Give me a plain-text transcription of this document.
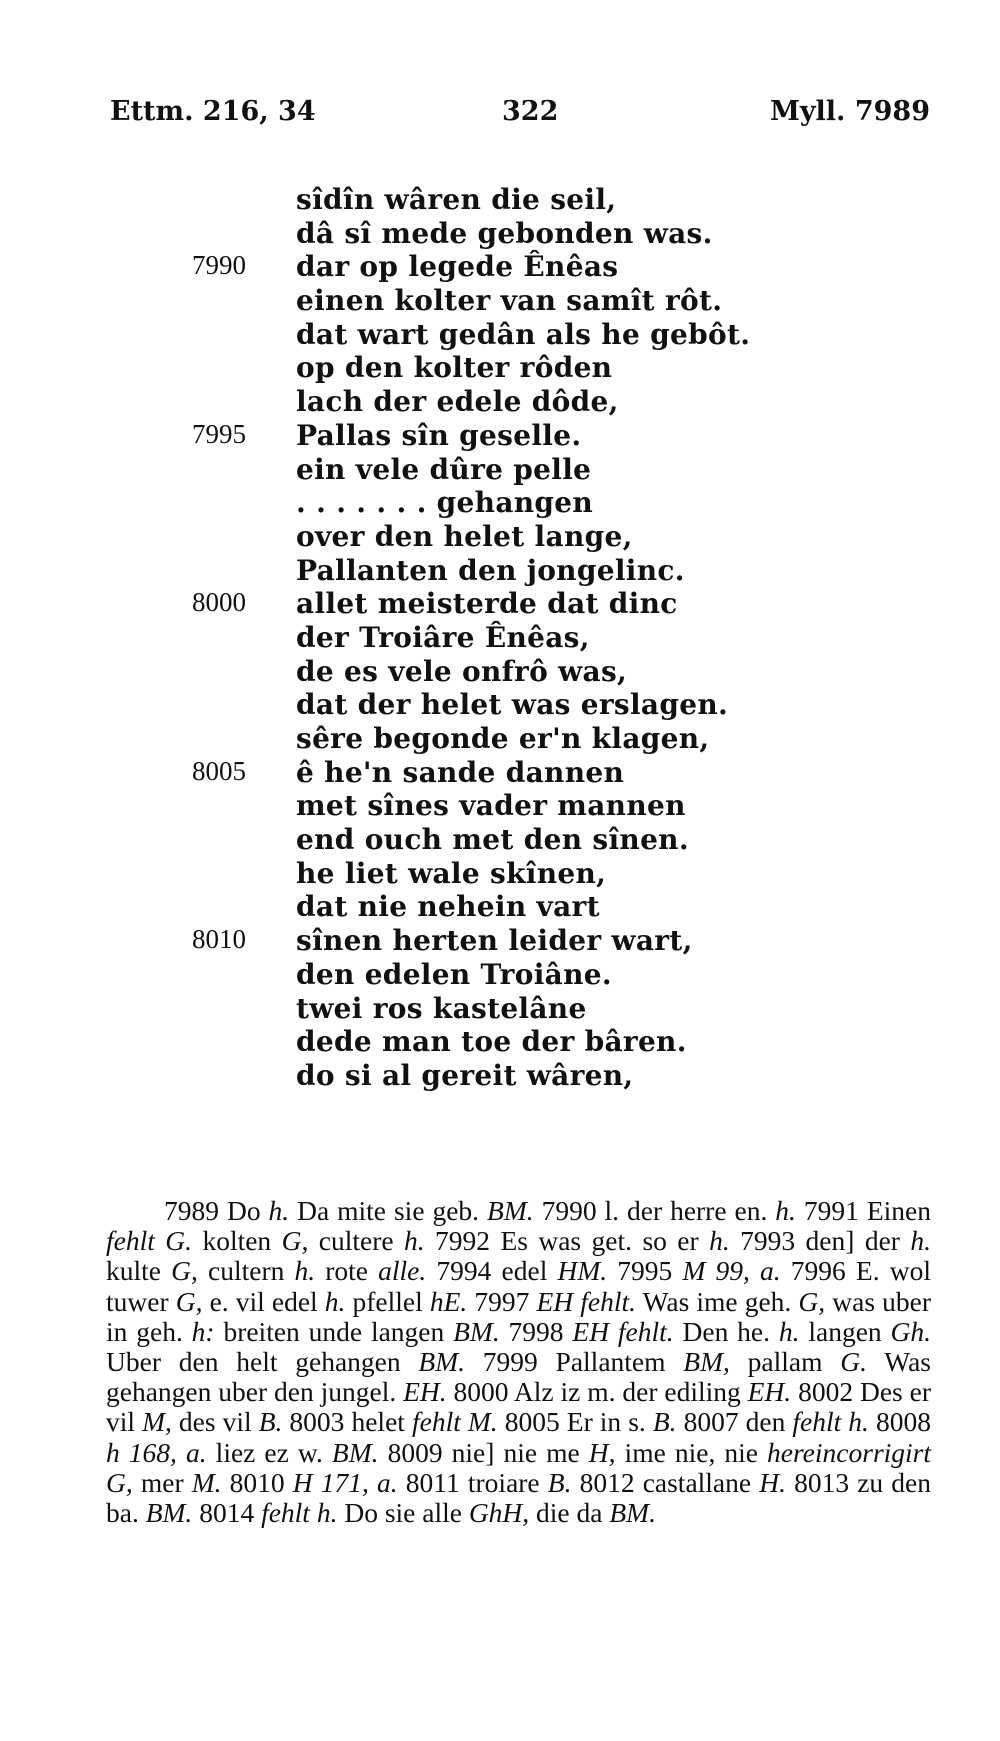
Ettm. 216, 34	322	Myll. 7989
sîdîn wâren die seil,
dâ sî mede gebonden was.
7990	dar op legede Ênêas
einen kolter van samît rôt.
dat wart gedân als he gebôt.
op den kolter rôden
lach der edele dôde,
7995	Pallas sîn geselle.
ein vele dûre pelle
. . . . . . . gehangen
over den helet lange,
Pallanten den jongelinc.
8000	allet meisterde dat dinc
der Troiâre Ênêas,
de es vele onfrô was,
dat der helet was erslagen.
sêre begonde er'n klagen,
8005	ê he'n sande dannen
met sînes vader mannen
end ouch met den sînen.
he liet wale skînen,
dat nie nehein vart
8010	sînen herten leider wart,
den edelen Troiâne.
twei ros kastelâne
dede man toe der bâren.
do si al gereit wâren,

7989 Do h. Da mite sie geb. BM. 7990 l. der herre en. h. 7991 Einen fehlt G. kolten G, cultere h. 7992 Es was get. so er h. 7993 den] der h. kulte G, cultern h. rote alle. 7994 edel HM. 7995 M 99, a. 7996 E. wol tuwer G, e. vil edel h. pfellel hE. 7997 EH fehlt. Was ime geh. G, was uber in geh. h: breiten unde langen BM. 7998 EH fehlt. Den he. h. langen Gh. Uber den helt gehangen BM. 7999 Pallantem BM, pallam G. Was gehangen uber den jungel. EH. 8000 Alz iz m. der ediling EH. 8002 Des er vil M, des vil B. 8003 helet fehlt M. 8005 Er in s. B. 8007 den fehlt h. 8008 h 168, a. liez ez w. BM. 8009 nie] nie me H, ime nie, nie hereincorrigirt G, mer M. 8010 H 171, a. 8011 troiare B. 8012 castallane H. 8013 zu den ba. BM. 8014 fehlt h. Do sie alle GhH, die da BM.
